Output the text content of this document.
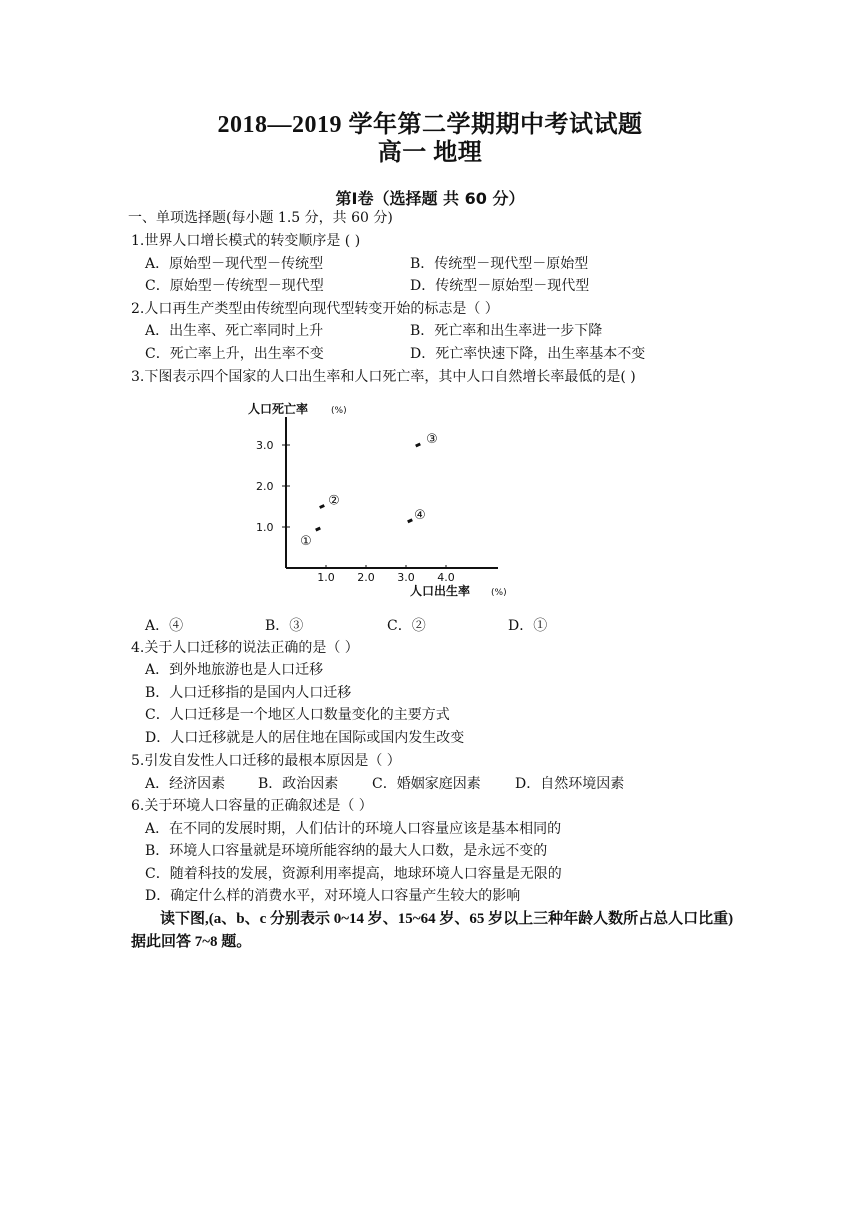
2018—2019 学年第二学期期中考试试题
高一 地理
第Ⅰ卷（选择题 共 60 分）
一、单项选择题(每小题 1.5 分，共 60 分)
1.世界人口增长模式的转变顺序是 ( )
A．原始型－现代型－传统型	B．传统型－现代型－原始型
C．原始型－传统型－现代型	D．传统型－原始型－现代型
2.人口再生产类型由传统型向现代型转变开始的标志是（ ）
A．出生率、死亡率同时上升	B．死亡率和出生率进一步下降
C．死亡率上升，出生率不变	D．死亡率快速下降，出生率基本不变
3.下图表示四个国家的人口出生率和人口死亡率，其中人口自然增长率最低的是( )
人口死亡率	(%)
人口出生率 (%)
1.0 2.0 3.0 4.0
1.0
2.0
3.0
①
②
③
④
A．④	B．③	C．②	D．①
4.关于人口迁移的说法正确的是（ ）
A．到外地旅游也是人口迁移
B．人口迁移指的是国内人口迁移
C．人口迁移是一个地区人口数量变化的主要方式
D．人口迁移就是人的居住地在国际或国内发生改变
5.引发自发性人口迁移的最根本原因是（ ）
A．经济因素 B．政治因素 C．婚姻家庭因素 D．自然环境因素
6.关于环境人口容量的正确叙述是（ ）
A．在不同的发展时期，人们估计的环境人口容量应该是基本相同的
B．环境人口容量就是环境所能容纳的最大人口数，是永远不变的
C．随着科技的发展，资源利用率提高，地球环境人口容量是无限的
D．确定什么样的消费水平，对环境人口容量产生较大的影响
读下图,(a、b、c 分别表示 0~14 岁、15~64 岁、65 岁以上三种年龄人数所占总人口比重)
据此回答 7~8 题。
